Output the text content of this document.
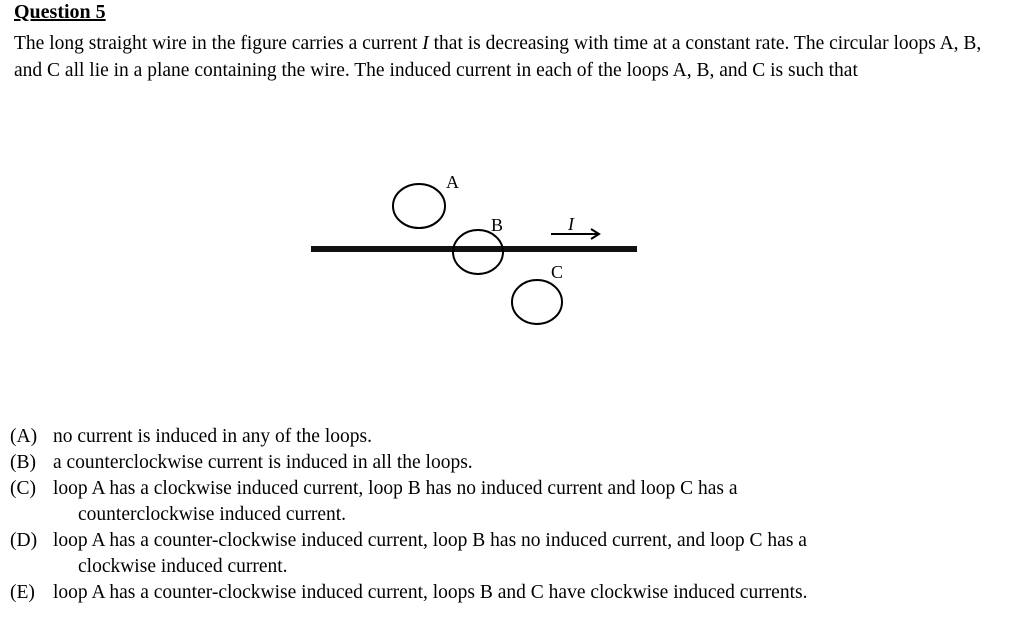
Question 5
The long straight wire in the figure carries a current I that is decreasing with time at a constant rate. The circular loops A, B, and C all lie in a plane containing the wire. The induced current in each of the loops A, B, and C is such that
A
B
C
I
(A) no current is induced in any of the loops.
(B) a counterclockwise current is induced in all the loops.
(C) loop A has a clockwise induced current, loop B has no induced current and loop C has a
counterclockwise induced current.
(D) loop A has a counter-clockwise induced current, loop B has no induced current, and loop C has a
clockwise induced current.
(E) loop A has a counter-clockwise induced current, loops B and C have clockwise induced currents.
